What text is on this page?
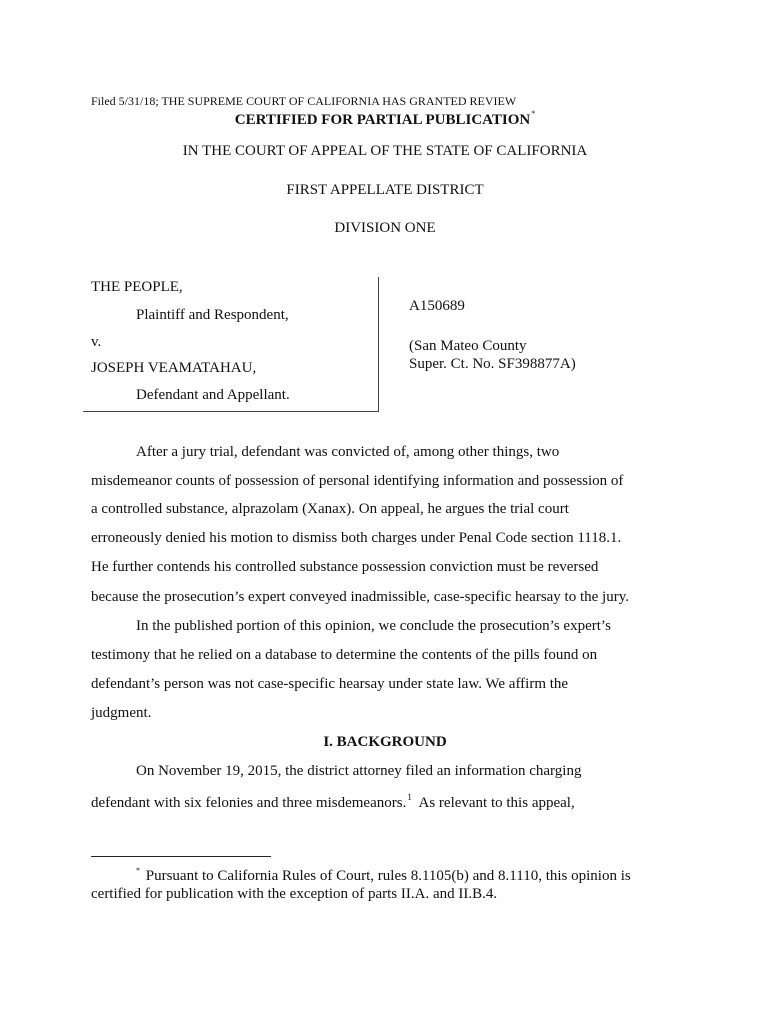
Filed 5/31/18; THE SUPREME COURT OF CALIFORNIA HAS GRANTED REVIEW
CERTIFIED FOR PARTIAL PUBLICATION*
IN THE COURT OF APPEAL OF THE STATE OF CALIFORNIA
FIRST APPELLATE DISTRICT
DIVISION ONE
THE PEOPLE,
Plaintiff and Respondent,
v.
JOSEPH VEAMATAHAU,
Defendant and Appellant.
A150689
(San Mateo County
Super. Ct. No. SF398877A)
After a jury trial, defendant was convicted of, among other things, two
misdemeanor counts of possession of personal identifying information and possession of
a controlled substance, alprazolam (Xanax). On appeal, he argues the trial court
erroneously denied his motion to dismiss both charges under Penal Code section 1118.1.
He further contends his controlled substance possession conviction must be reversed
because the prosecution’s expert conveyed inadmissible, case-specific hearsay to the jury.
In the published portion of this opinion, we conclude the prosecution’s expert’s
testimony that he relied on a database to determine the contents of the pills found on
defendant’s person was not case-specific hearsay under state law. We affirm the
judgment.
I. BACKGROUND
On November 19, 2015, the district attorney filed an information charging
defendant with six felonies and three misdemeanors.$^1$  As relevant to this appeal,
* Pursuant to California Rules of Court, rules 8.1105(b) and 8.1110, this opinion is
certified for publication with the exception of parts II.A. and II.B.4.
